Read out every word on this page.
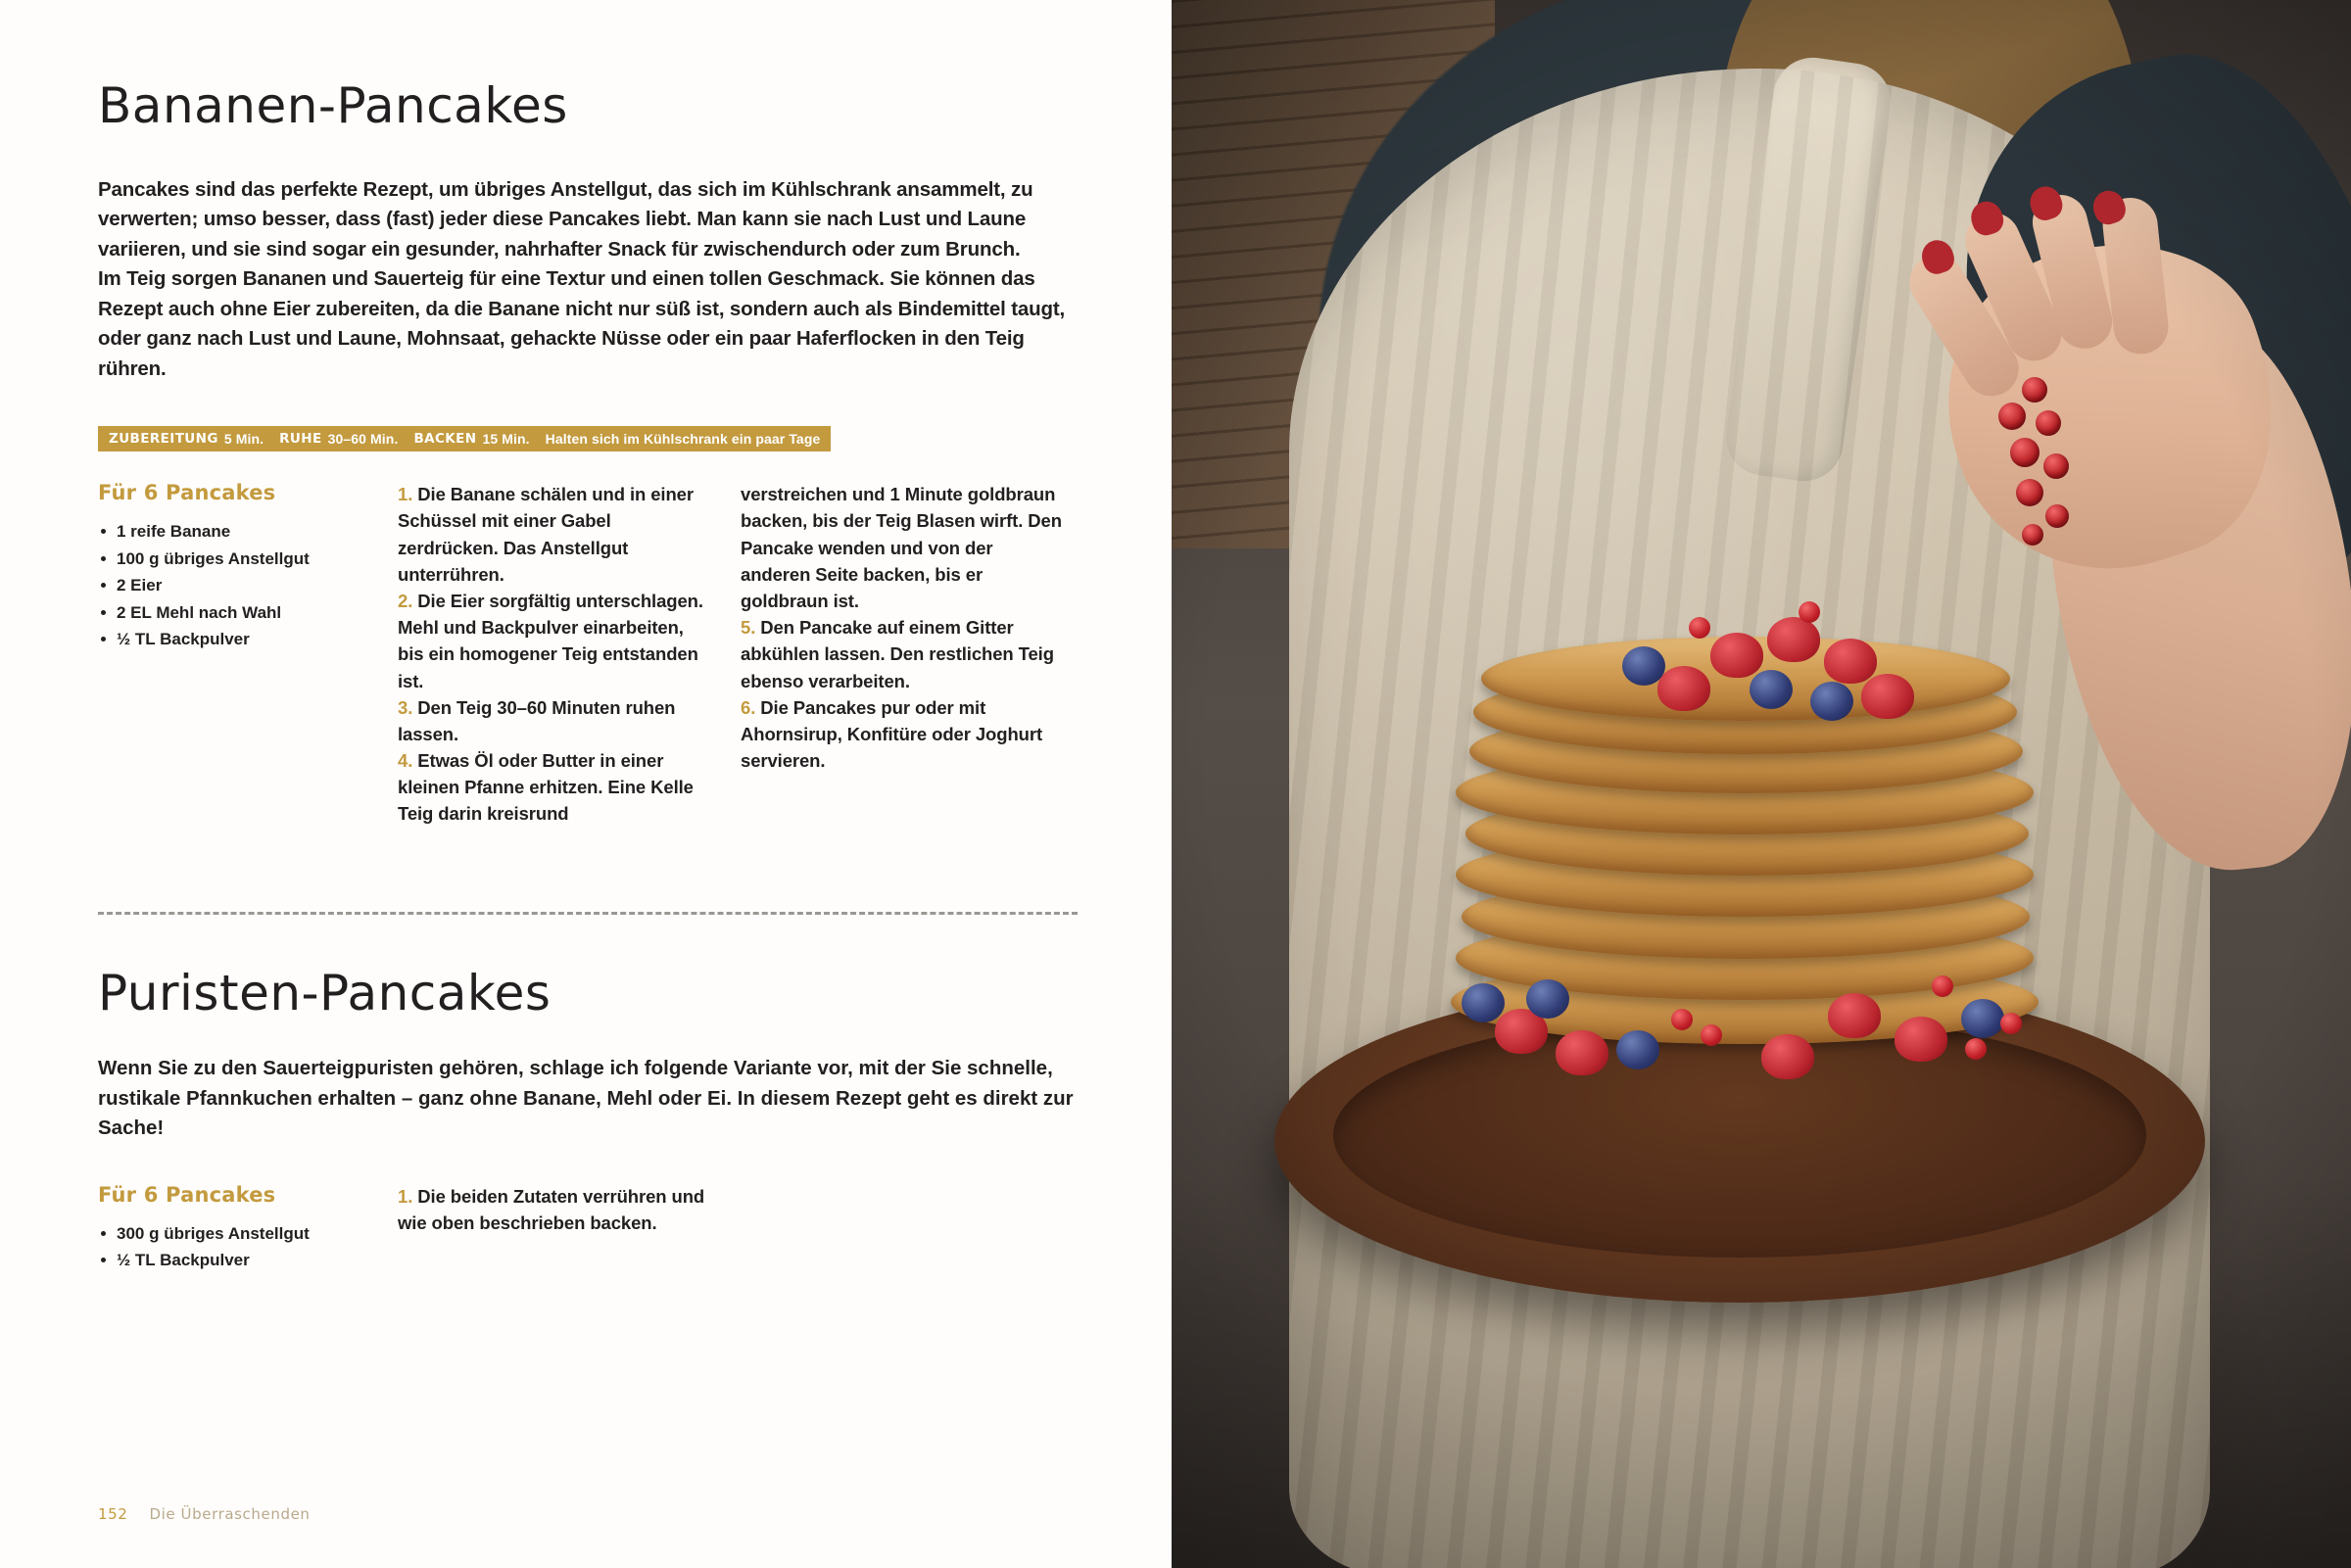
Bananen-Pancakes

Pancakes sind das perfekte Rezept, um übriges Anstellgut, das sich im Kühlschrank ansammelt, zu verwerten; umso besser, dass (fast) jeder diese Pancakes liebt. Man kann sie nach Lust und Laune variieren, und sie sind sogar ein gesunder, nahrhafter Snack für zwischendurch oder zum Brunch.

Im Teig sorgen Bananen und Sauerteig für eine Textur und einen tollen Geschmack. Sie können das Rezept auch ohne Eier zubereiten, da die Banane nicht nur süß ist, sondern auch als Bindemittel taugt, oder ganz nach Lust und Laune, Mohnsaat, gehackte Nüsse oder ein paar Haferflocken in den Teig rühren.

ZUBEREITUNG 5 Min. RUHE 30–60 Min. BACKEN 15 Min. Halten sich im Kühlschrank ein paar Tage
Für 6 Pancakes
1 reife Banane
100 g übriges Anstellgut
2 Eier
2 EL Mehl nach Wahl
½ TL Backpulver

1. Die Banane schälen und in einer Schüssel mit einer Gabel zerdrücken. Das Anstellgut unterrühren.

2. Die Eier sorgfältig unterschlagen. Mehl und Backpulver einarbeiten, bis ein homogener Teig entstanden ist.

3. Den Teig 30–60 Minuten ruhen lassen.

4. Etwas Öl oder Butter in einer kleinen Pfanne erhitzen. Eine Kelle Teig darin kreisrund

verstreichen und 1 Minute goldbraun backen, bis der Teig Blasen wirft. Den Pancake wenden und von der anderen Seite backen, bis er goldbraun ist.

5. Den Pancake auf einem Gitter abkühlen lassen. Den restlichen Teig ebenso verarbeiten.

6. Die Pancakes pur oder mit Ahornsirup, Konfitüre oder Joghurt servieren.

Puristen-Pancakes

Wenn Sie zu den Sauerteigpuristen gehören, schlage ich folgende Variante vor, mit der Sie schnelle, rustikale Pfannkuchen erhalten – ganz ohne Banane, Mehl oder Ei. In diesem Rezept geht es direkt zur Sache!

Für 6 Pancakes
300 g übriges Anstellgut
½ TL Backpulver

1. Die beiden Zutaten verrühren und wie oben beschrieben backen.

152 Die Überraschenden
